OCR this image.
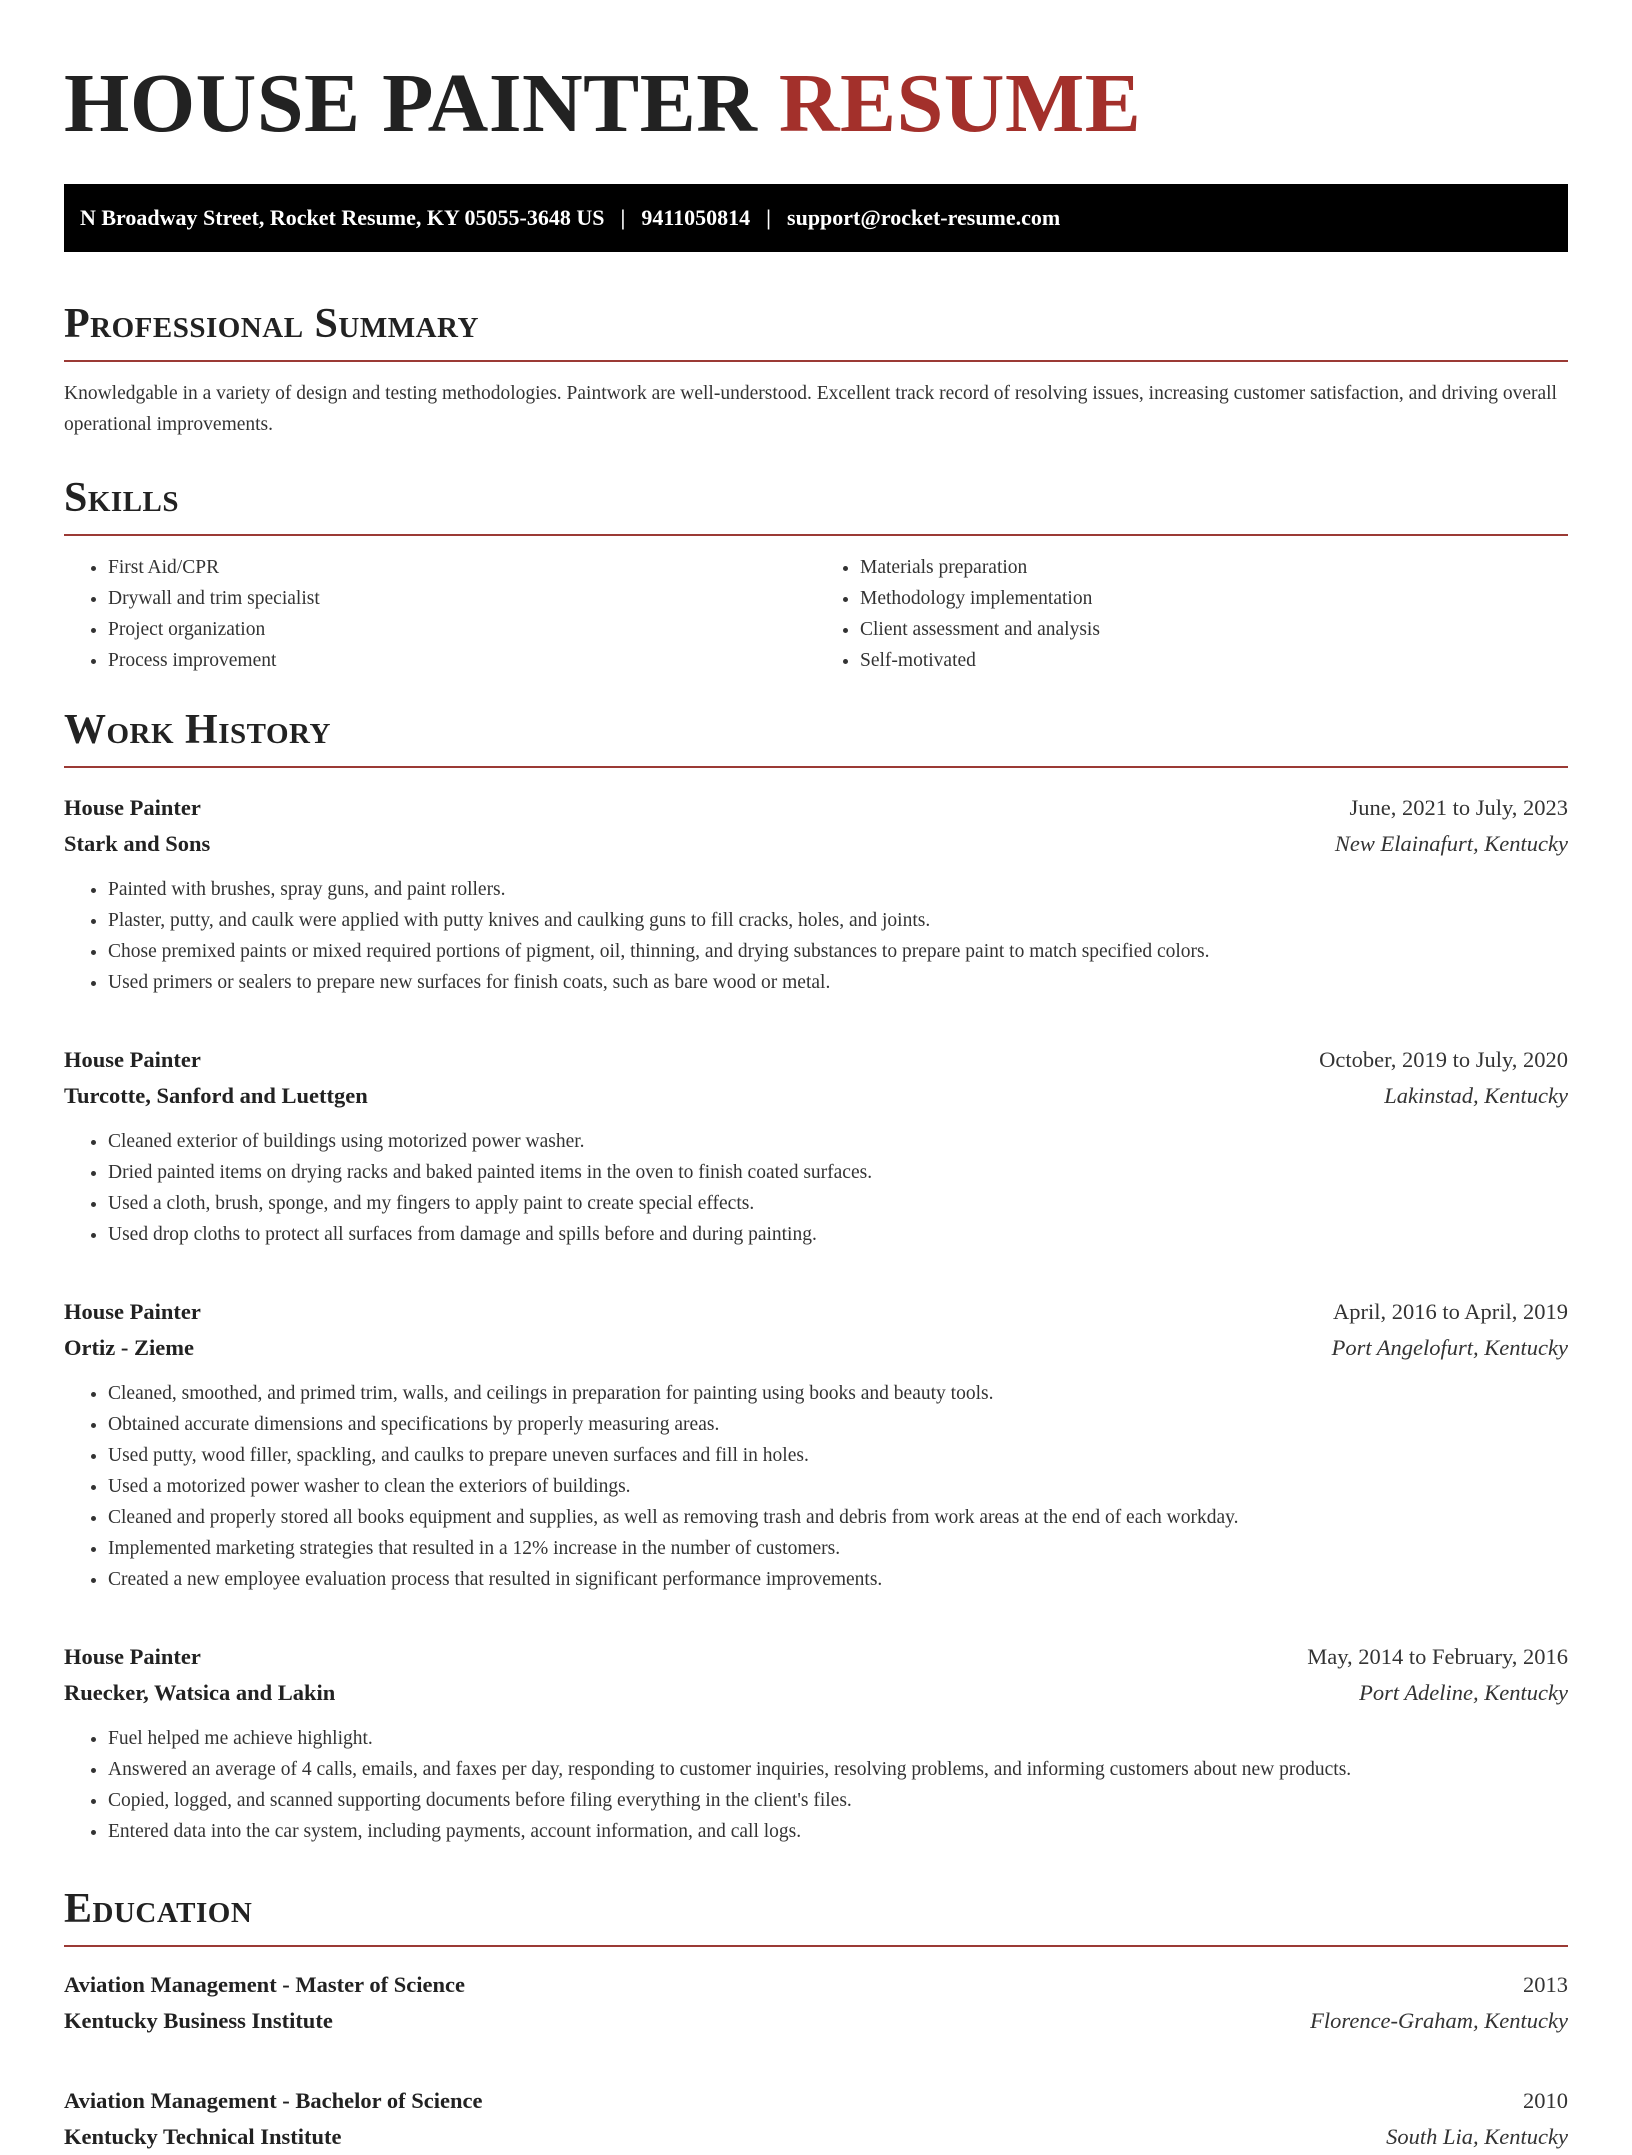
HOUSE PAINTER RESUME
N Broadway Street, Rocket Resume, KY 05055-3648 US | 9411050814 | support@rocket-resume.com
Professional Summary

Knowledgable in a variety of design and testing methodologies. Paintwork are well-understood. Excellent track record of resolving issues, increasing customer satisfaction, and driving overall operational improvements.

Skills
• First Aid/CPR
• Drywall and trim specialist
• Project organization
• Process improvement
• Materials preparation
• Methodology implementation
• Client assessment and analysis
• Self-motivated
Work History
House Painter	June, 2021 to July, 2023
Stark and Sons	New Elainafurt, Kentucky
• Painted with brushes, spray guns, and paint rollers.
• Plaster, putty, and caulk were applied with putty knives and caulking guns to fill cracks, holes, and joints.
• Chose premixed paints or mixed required portions of pigment, oil, thinning, and drying substances to prepare paint to match specified colors.
• Used primers or sealers to prepare new surfaces for finish coats, such as bare wood or metal.
House Painter	October, 2019 to July, 2020
Turcotte, Sanford and Luettgen	Lakinstad, Kentucky
• Cleaned exterior of buildings using motorized power washer.
• Dried painted items on drying racks and baked painted items in the oven to finish coated surfaces.
• Used a cloth, brush, sponge, and my fingers to apply paint to create special effects.
• Used drop cloths to protect all surfaces from damage and spills before and during painting.
House Painter	April, 2016 to April, 2019
Ortiz - Zieme	Port Angelofurt, Kentucky
• Cleaned, smoothed, and primed trim, walls, and ceilings in preparation for painting using books and beauty tools.
• Obtained accurate dimensions and specifications by properly measuring areas.
• Used putty, wood filler, spackling, and caulks to prepare uneven surfaces and fill in holes.
• Used a motorized power washer to clean the exteriors of buildings.
• Cleaned and properly stored all books equipment and supplies, as well as removing trash and debris from work areas at the end of each workday.
• Implemented marketing strategies that resulted in a 12% increase in the number of customers.
• Created a new employee evaluation process that resulted in significant performance improvements.
House Painter	May, 2014 to February, 2016
Ruecker, Watsica and Lakin	Port Adeline, Kentucky
• Fuel helped me achieve highlight.
• Answered an average of 4 calls, emails, and faxes per day, responding to customer inquiries, resolving problems, and informing customers about new products.
• Copied, logged, and scanned supporting documents before filing everything in the client's files.
• Entered data into the car system, including payments, account information, and call logs.
Education
Aviation Management - Master of Science	2013
Kentucky Business Institute	Florence-Graham, Kentucky
Aviation Management - Bachelor of Science	2010
Kentucky Technical Institute	South Lia, Kentucky
